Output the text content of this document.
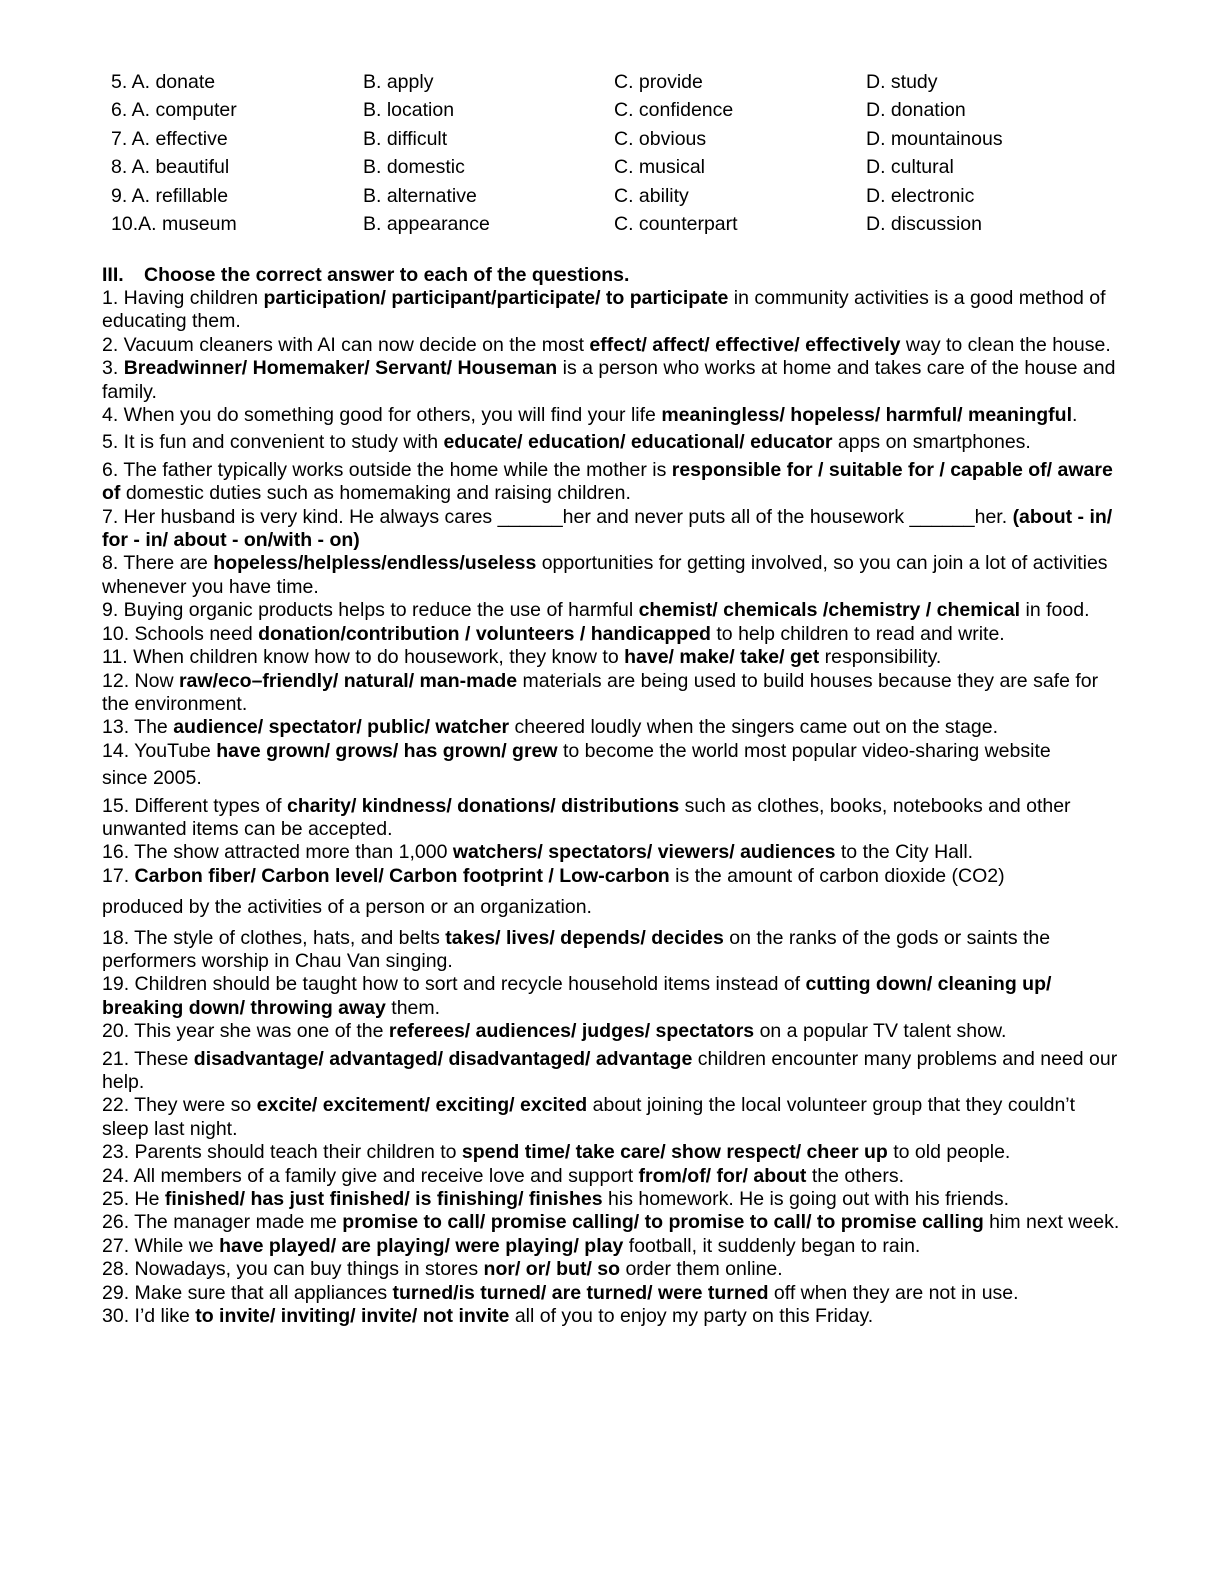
5. A. donate	B. apply	C. provide	D. study
6. A. computer	B. location	C. confidence	D. donation
7. A. effective	B. difficult	C. obvious	D. mountainous
8. A. beautiful	B. domestic	C. musical	D. cultural
9. A. refillable	B. alternative	C. ability	D. electronic
10.A. museum	B. appearance	C. counterpart	D. discussion
III. Choose the correct answer to each of the questions.
1. Having children participation/ participant/participate/ to participate in community activities is a good method of educating them.
2. Vacuum cleaners with AI can now decide on the most effect/ affect/ effective/ effectively way to clean the house.
3. Breadwinner/ Homemaker/ Servant/ Houseman is a person who works at home and takes care of the house and family.
4. When you do something good for others, you will find your life meaningless/ hopeless/ harmful/ meaningful.
5. It is fun and convenient to study with educate/ education/ educational/ educator apps on smartphones.
6. The father typically works outside the home while the mother is responsible for / suitable for / capable of/ aware of domestic duties such as homemaking and raising children.
7. Her husband is very kind. He always cares ______her and never puts all of the housework ______her. (about - in/ for - in/ about - on/with - on)
8. There are hopeless/helpless/endless/useless opportunities for getting involved, so you can join a lot of activities whenever you have time.
9. Buying organic products helps to reduce the use of harmful chemist/ chemicals /chemistry / chemical in food.
10. Schools need donation/contribution / volunteers / handicapped to help children to read and write.
11. When children know how to do housework, they know to have/ make/ take/ get responsibility.
12. Now raw/eco–friendly/ natural/ man-made materials are being used to build houses because they are safe for the environment.
13. The audience/ spectator/ public/ watcher cheered loudly when the singers came out on the stage.
14. YouTube have grown/ grows/ has grown/ grew to become the world most popular video-sharing website
since 2005.
15. Different types of charity/ kindness/ donations/ distributions such as clothes, books, notebooks and other unwanted items can be accepted.
16. The show attracted more than 1,000 watchers/ spectators/ viewers/ audiences to the City Hall.
17. Carbon fiber/ Carbon level/ Carbon footprint / Low-carbon is the amount of carbon dioxide (CO2)
produced by the activities of a person or an organization.
18. The style of clothes, hats, and belts takes/ lives/ depends/ decides on the ranks of the gods or saints the performers worship in Chau Van singing.
19. Children should be taught how to sort and recycle household items instead of cutting down/ cleaning up/ breaking down/ throwing away them.
20. This year she was one of the referees/ audiences/ judges/ spectators on a popular TV talent show.
21. These disadvantage/ advantaged/ disadvantaged/ advantage children encounter many problems and need our help.
22. They were so excite/ excitement/ exciting/ excited about joining the local volunteer group that they couldn’t sleep last night.
23. Parents should teach their children to spend time/ take care/ show respect/ cheer up to old people.
24. All members of a family give and receive love and support from/of/ for/ about the others.
25. He finished/ has just finished/ is finishing/ finishes his homework. He is going out with his friends.
26. The manager made me promise to call/ promise calling/ to promise to call/ to promise calling him next week.
27. While we have played/ are playing/ were playing/ play football, it suddenly began to rain.
28. Nowadays, you can buy things in stores nor/ or/ but/ so order them online.
29. Make sure that all appliances turned/is turned/ are turned/ were turned off when they are not in use.
30. I’d like to invite/ inviting/ invite/ not invite all of you to enjoy my party on this Friday.
